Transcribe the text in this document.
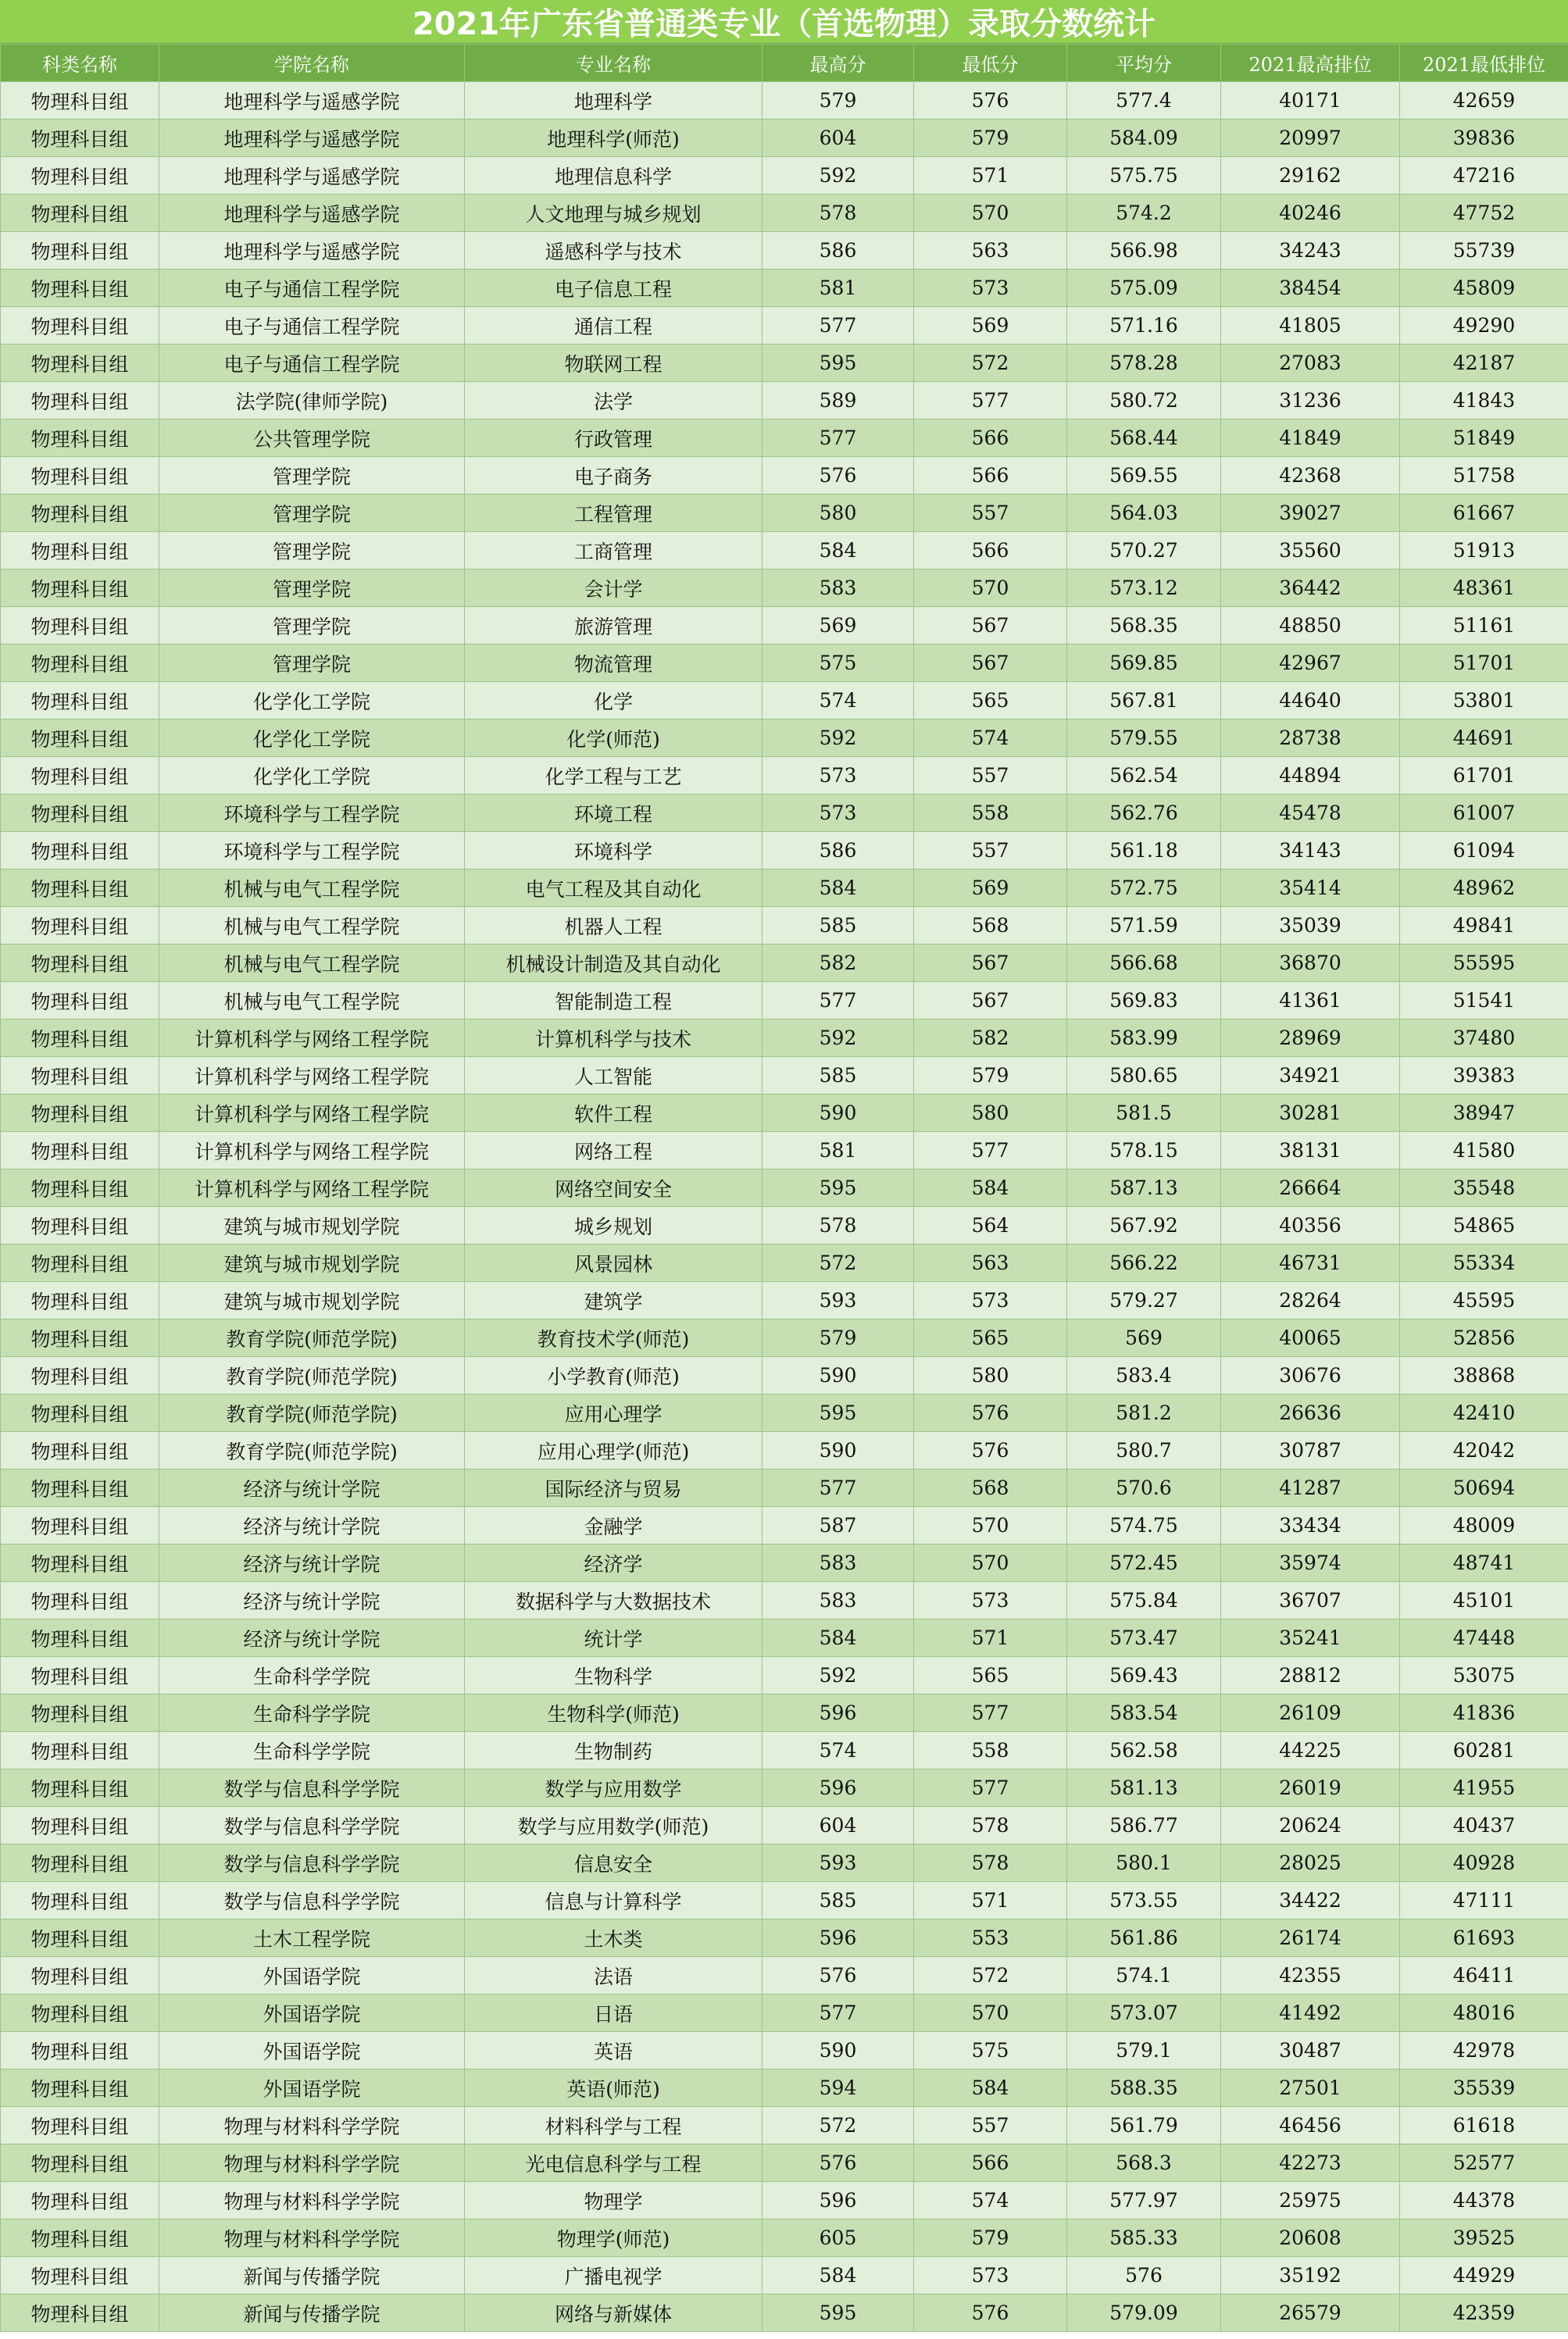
2021年广东省普通类专业（首选物理）录取分数统计
科类名称	学院名称	专业名称	最高分	最低分	平均分	2021最高排位	2021最低排位
物理科目组	地理科学与遥感学院	地理科学	579	576	577.4	40171	42659
物理科目组	地理科学与遥感学院	地理科学(师范)	604	579	584.09	20997	39836
物理科目组	地理科学与遥感学院	地理信息科学	592	571	575.75	29162	47216
物理科目组	地理科学与遥感学院	人文地理与城乡规划	578	570	574.2	40246	47752
物理科目组	地理科学与遥感学院	遥感科学与技术	586	563	566.98	34243	55739
物理科目组	电子与通信工程学院	电子信息工程	581	573	575.09	38454	45809
物理科目组	电子与通信工程学院	通信工程	577	569	571.16	41805	49290
物理科目组	电子与通信工程学院	物联网工程	595	572	578.28	27083	42187
物理科目组	法学院(律师学院)	法学	589	577	580.72	31236	41843
物理科目组	公共管理学院	行政管理	577	566	568.44	41849	51849
物理科目组	管理学院	电子商务	576	566	569.55	42368	51758
物理科目组	管理学院	工程管理	580	557	564.03	39027	61667
物理科目组	管理学院	工商管理	584	566	570.27	35560	51913
物理科目组	管理学院	会计学	583	570	573.12	36442	48361
物理科目组	管理学院	旅游管理	569	567	568.35	48850	51161
物理科目组	管理学院	物流管理	575	567	569.85	42967	51701
物理科目组	化学化工学院	化学	574	565	567.81	44640	53801
物理科目组	化学化工学院	化学(师范)	592	574	579.55	28738	44691
物理科目组	化学化工学院	化学工程与工艺	573	557	562.54	44894	61701
物理科目组	环境科学与工程学院	环境工程	573	558	562.76	45478	61007
物理科目组	环境科学与工程学院	环境科学	586	557	561.18	34143	61094
物理科目组	机械与电气工程学院	电气工程及其自动化	584	569	572.75	35414	48962
物理科目组	机械与电气工程学院	机器人工程	585	568	571.59	35039	49841
物理科目组	机械与电气工程学院	机械设计制造及其自动化	582	567	566.68	36870	55595
物理科目组	机械与电气工程学院	智能制造工程	577	567	569.83	41361	51541
物理科目组	计算机科学与网络工程学院	计算机科学与技术	592	582	583.99	28969	37480
物理科目组	计算机科学与网络工程学院	人工智能	585	579	580.65	34921	39383
物理科目组	计算机科学与网络工程学院	软件工程	590	580	581.5	30281	38947
物理科目组	计算机科学与网络工程学院	网络工程	581	577	578.15	38131	41580
物理科目组	计算机科学与网络工程学院	网络空间安全	595	584	587.13	26664	35548
物理科目组	建筑与城市规划学院	城乡规划	578	564	567.92	40356	54865
物理科目组	建筑与城市规划学院	风景园林	572	563	566.22	46731	55334
物理科目组	建筑与城市规划学院	建筑学	593	573	579.27	28264	45595
物理科目组	教育学院(师范学院)	教育技术学(师范)	579	565	569	40065	52856
物理科目组	教育学院(师范学院)	小学教育(师范)	590	580	583.4	30676	38868
物理科目组	教育学院(师范学院)	应用心理学	595	576	581.2	26636	42410
物理科目组	教育学院(师范学院)	应用心理学(师范)	590	576	580.7	30787	42042
物理科目组	经济与统计学院	国际经济与贸易	577	568	570.6	41287	50694
物理科目组	经济与统计学院	金融学	587	570	574.75	33434	48009
物理科目组	经济与统计学院	经济学	583	570	572.45	35974	48741
物理科目组	经济与统计学院	数据科学与大数据技术	583	573	575.84	36707	45101
物理科目组	经济与统计学院	统计学	584	571	573.47	35241	47448
物理科目组	生命科学学院	生物科学	592	565	569.43	28812	53075
物理科目组	生命科学学院	生物科学(师范)	596	577	583.54	26109	41836
物理科目组	生命科学学院	生物制药	574	558	562.58	44225	60281
物理科目组	数学与信息科学学院	数学与应用数学	596	577	581.13	26019	41955
物理科目组	数学与信息科学学院	数学与应用数学(师范)	604	578	586.77	20624	40437
物理科目组	数学与信息科学学院	信息安全	593	578	580.1	28025	40928
物理科目组	数学与信息科学学院	信息与计算科学	585	571	573.55	34422	47111
物理科目组	土木工程学院	土木类	596	553	561.86	26174	61693
物理科目组	外国语学院	法语	576	572	574.1	42355	46411
物理科目组	外国语学院	日语	577	570	573.07	41492	48016
物理科目组	外国语学院	英语	590	575	579.1	30487	42978
物理科目组	外国语学院	英语(师范)	594	584	588.35	27501	35539
物理科目组	物理与材料科学学院	材料科学与工程	572	557	561.79	46456	61618
物理科目组	物理与材料科学学院	光电信息科学与工程	576	566	568.3	42273	52577
物理科目组	物理与材料科学学院	物理学	596	574	577.97	25975	44378
物理科目组	物理与材料科学学院	物理学(师范)	605	579	585.33	20608	39525
物理科目组	新闻与传播学院	广播电视学	584	573	576	35192	44929
物理科目组	新闻与传播学院	网络与新媒体	595	576	579.09	26579	42359
